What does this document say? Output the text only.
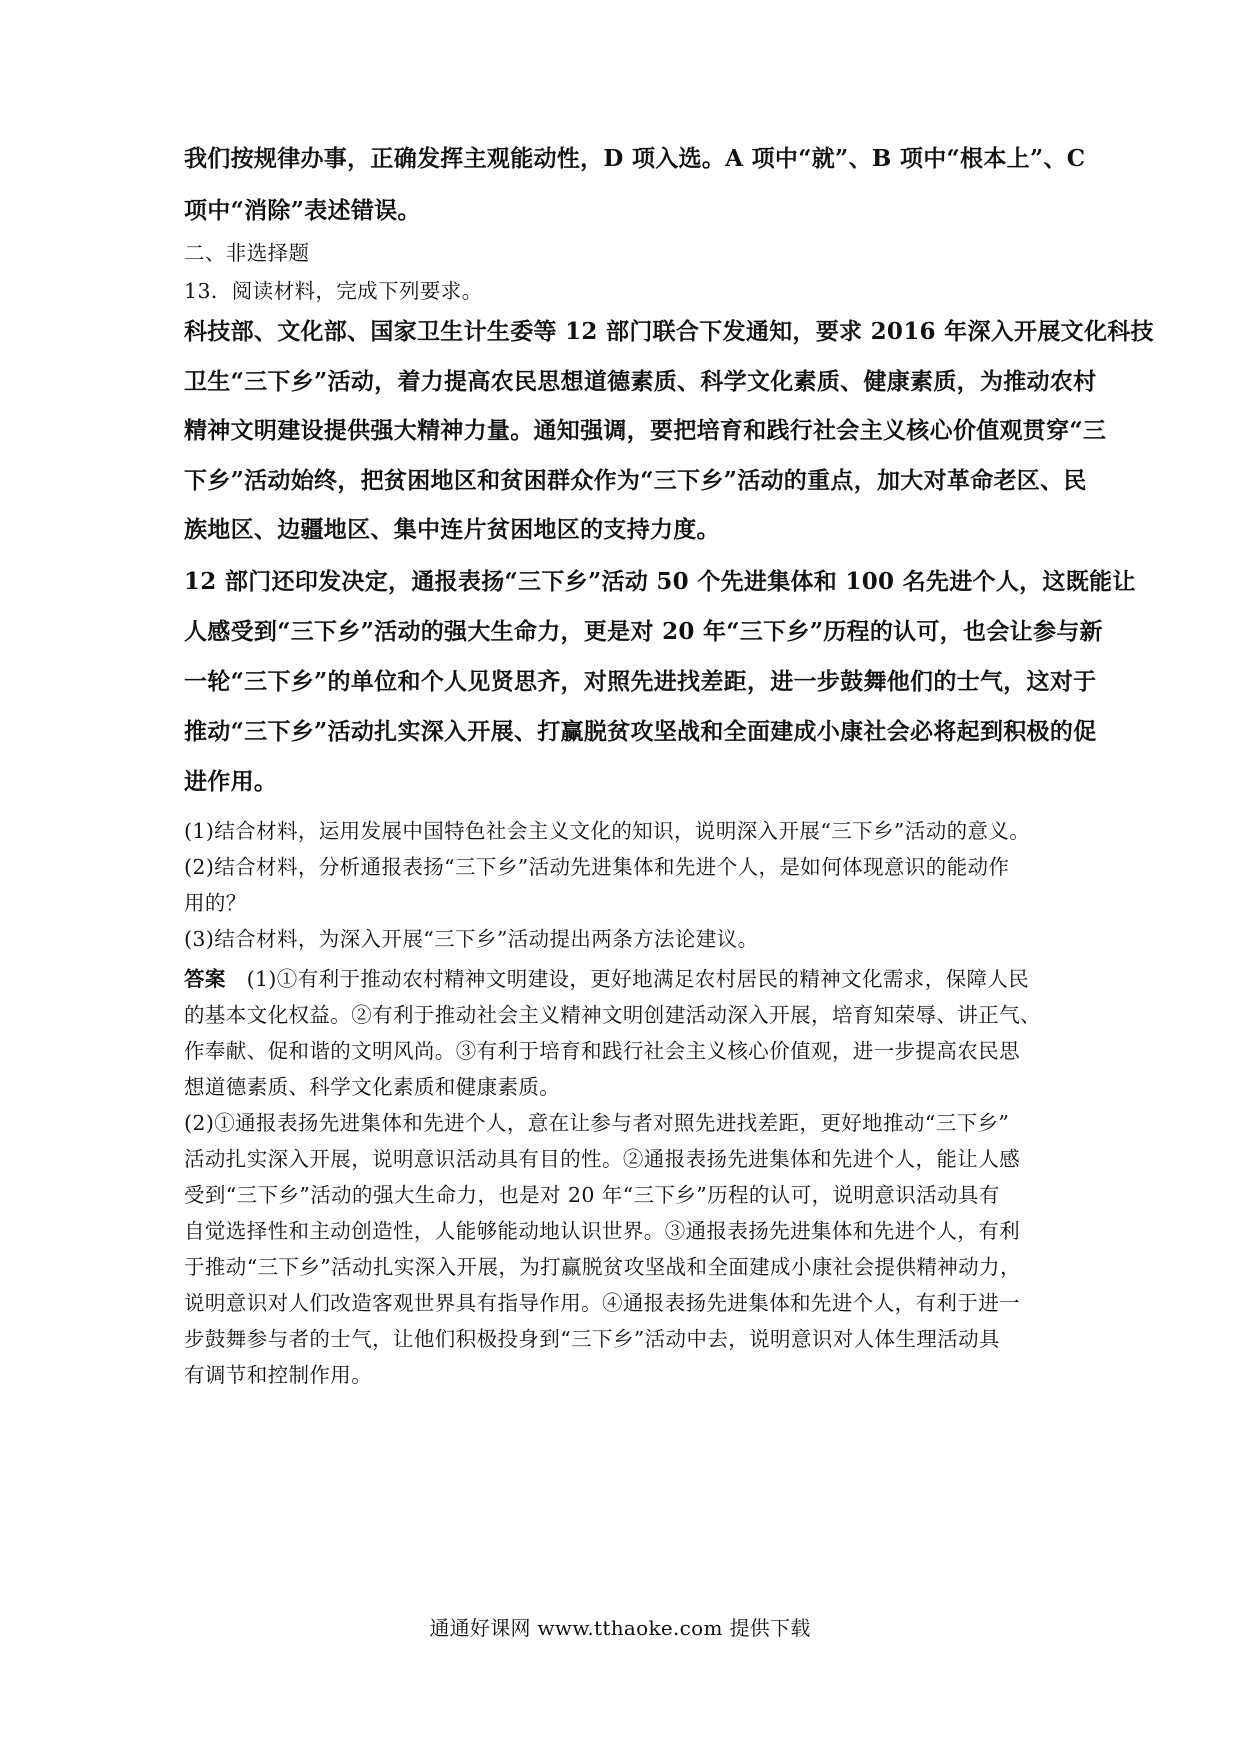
我们按规律办事，正确发挥主观能动性，D 项入选。A 项中“就”、B 项中“根本上”、C
项中“消除”表述错误。
二、非选择题
13．阅读材料，完成下列要求。
科技部、文化部、国家卫生计生委等 12 部门联合下发通知，要求 2016 年深入开展文化科技
卫生“三下乡”活动，着力提高农民思想道德素质、科学文化素质、健康素质，为推动农村
精神文明建设提供强大精神力量。通知强调，要把培育和践行社会主义核心价值观贯穿“三
下乡”活动始终，把贫困地区和贫困群众作为“三下乡”活动的重点，加大对革命老区、民
族地区、边疆地区、集中连片贫困地区的支持力度。
12 部门还印发决定，通报表扬“三下乡”活动 50 个先进集体和 100 名先进个人，这既能让
人感受到“三下乡”活动的强大生命力，更是对 20 年“三下乡”历程的认可，也会让参与新
一轮“三下乡”的单位和个人见贤思齐，对照先进找差距，进一步鼓舞他们的士气，这对于
推动“三下乡”活动扎实深入开展、打赢脱贫攻坚战和全面建成小康社会必将起到积极的促
进作用。
(1)结合材料，运用发展中国特色社会主义文化的知识，说明深入开展“三下乡”活动的意义。
(2)结合材料，分析通报表扬“三下乡”活动先进集体和先进个人，是如何体现意识的能动作
用的？
(3)结合材料，为深入开展“三下乡”活动提出两条方法论建议。
答案 (1)①有利于推动农村精神文明建设，更好地满足农村居民的精神文化需求，保障人民
的基本文化权益。②有利于推动社会主义精神文明创建活动深入开展，培育知荣辱、讲正气、
作奉献、促和谐的文明风尚。③有利于培育和践行社会主义核心价值观，进一步提高农民思
想道德素质、科学文化素质和健康素质。
(2)①通报表扬先进集体和先进个人，意在让参与者对照先进找差距，更好地推动“三下乡”
活动扎实深入开展，说明意识活动具有目的性。②通报表扬先进集体和先进个人，能让人感
受到“三下乡”活动的强大生命力，也是对 20 年“三下乡”历程的认可，说明意识活动具有
自觉选择性和主动创造性，人能够能动地认识世界。③通报表扬先进集体和先进个人，有利
于推动“三下乡”活动扎实深入开展，为打赢脱贫攻坚战和全面建成小康社会提供精神动力，
说明意识对人们改造客观世界具有指导作用。④通报表扬先进集体和先进个人，有利于进一
步鼓舞参与者的士气，让他们积极投身到“三下乡”活动中去，说明意识对人体生理活动具
有调节和控制作用。
通通好课网 www.tthaoke.com 提供下载
